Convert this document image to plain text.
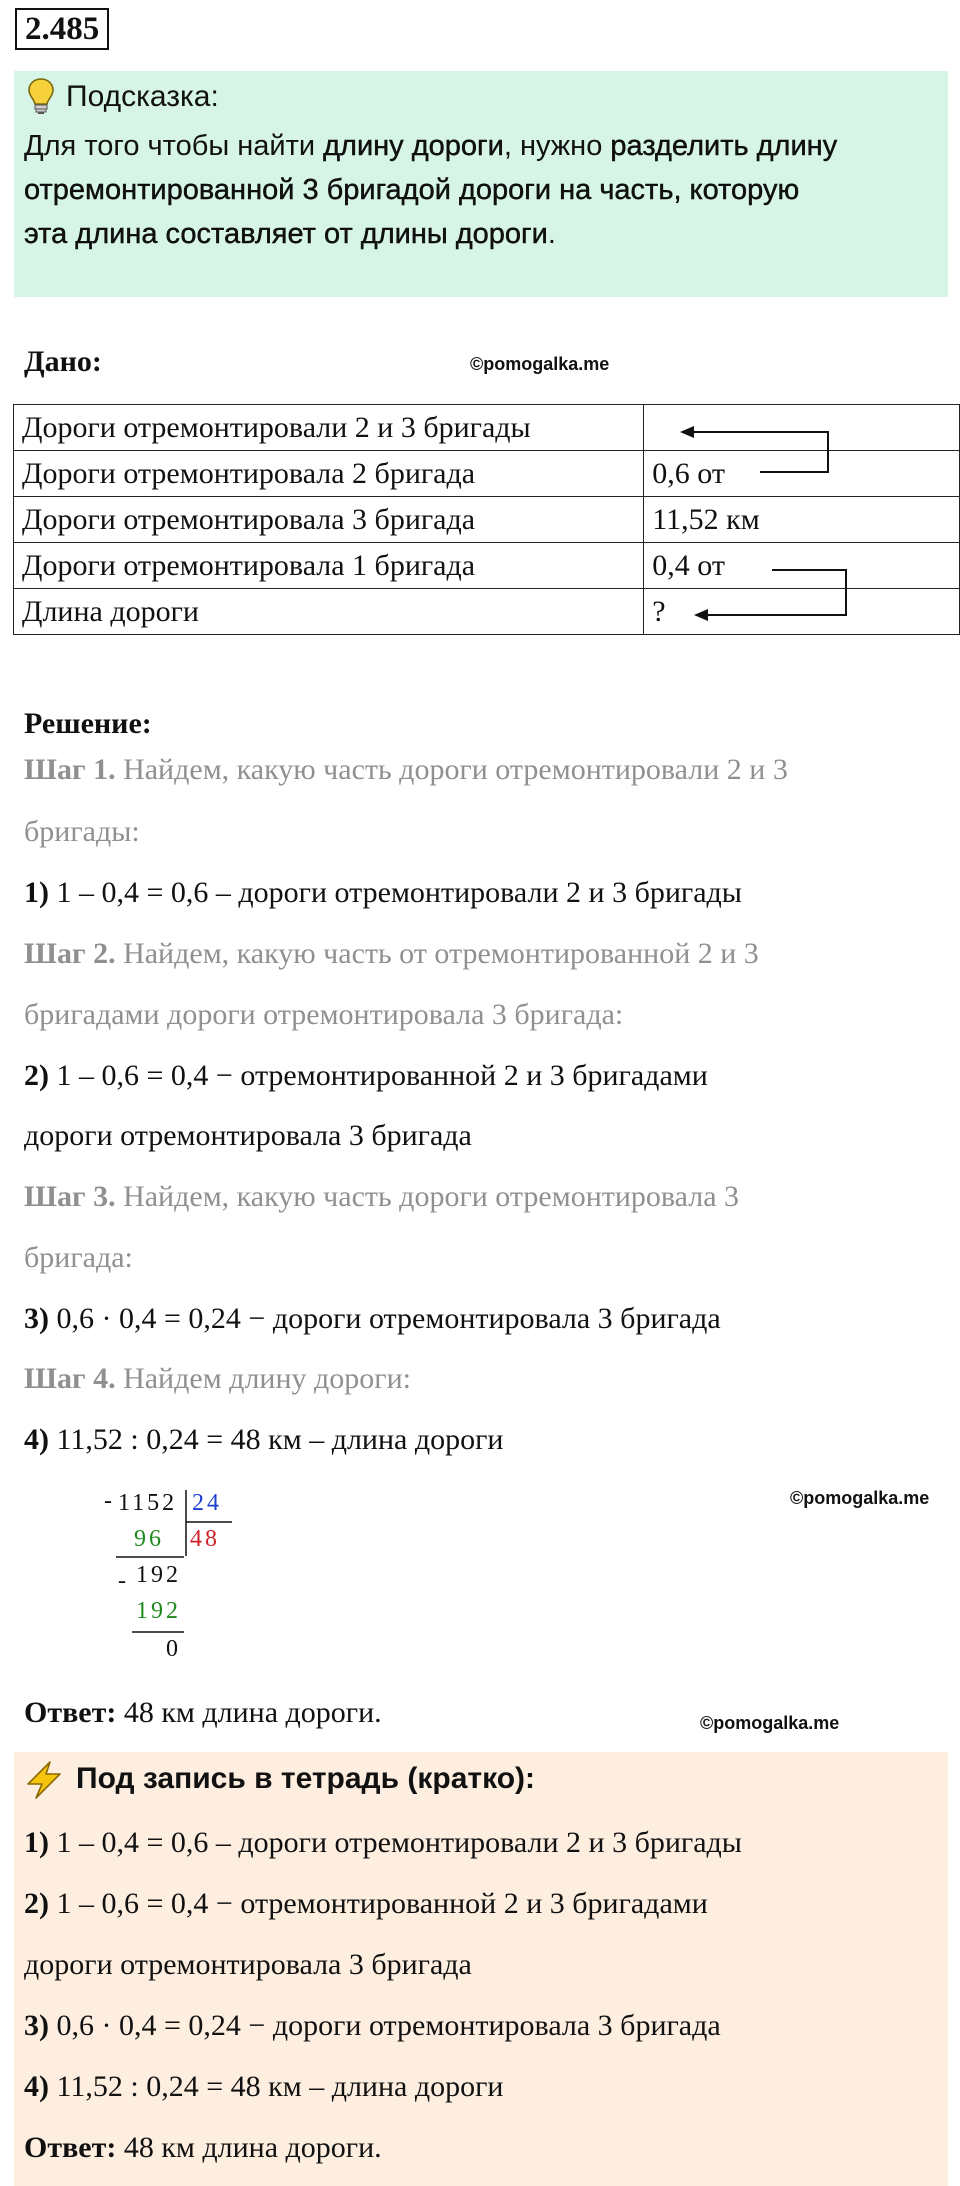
2.485
Подсказка:
Для того чтобы найти длину дороги, нужно разделить длину
отремонтированной 3 бригадой дороги на часть, которую
эта длина составляет от длины дороги.
Дано:	©pomogalka.me
Дороги отремонтировали 2 и 3 бригады	
Дороги отремонтировала 2 бригада	0,6 от
Дороги отремонтировала 3 бригада	11,52 км
Дороги отремонтировала 1 бригада	0,4 от
Длина дороги	?
Решение:
Шаг 1. Найдем, какую часть дороги отремонтировали 2 и 3
бригады:
1) 1 – 0,4 = 0,6 – дороги отремонтировали 2 и 3 бригады
Шаг 2. Найдем, какую часть от отремонтированной 2 и 3
бригадами дороги отремонтировала 3 бригада:
2) 1 – 0,6 = 0,4 − отремонтированной 2 и 3 бригадами
дороги отремонтировала 3 бригада
Шаг 3. Найдем, какую часть дороги отремонтировала 3
бригада:
3) 0,6 · 0,4 = 0,24 − дороги отремонтировала 3 бригада
Шаг 4. Найдем длину дороги:
4) 11,52 : 0,24 = 48 км – длина дороги
- 1152 24
96 48
- 192
192
0
©pomogalka.me
Ответ: 48 км длина дороги.	©pomogalka.me
Под запись в тетрадь (кратко):
1) 1 – 0,4 = 0,6 – дороги отремонтировали 2 и 3 бригады
2) 1 – 0,6 = 0,4 − отремонтированной 2 и 3 бригадами
дороги отремонтировала 3 бригада
3) 0,6 · 0,4 = 0,24 − дороги отремонтировала 3 бригада
4) 11,52 : 0,24 = 48 км – длина дороги
Ответ: 48 км длина дороги.
